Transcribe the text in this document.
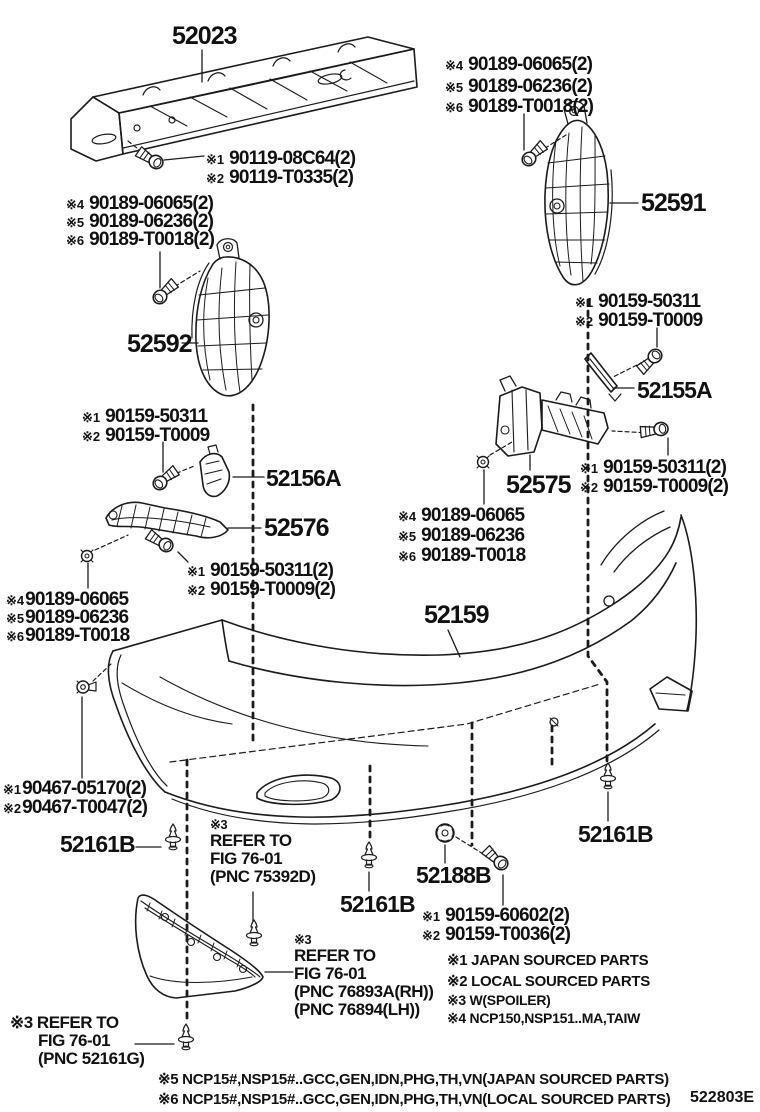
52023
52591
52592
52155A
52156A	52575
52576
52159
52161B
52161B
52161B
52188B
※1 90119-08C64(2)
※2 90119-T0335(2)
※4 90189-06065(2)
※5 90189-06236(2)
※6 90189-T0018(2)
※4 90189-06065(2)
※5 90189-06236(2)
※6 90189-T0018(2)
※1 90159-50311
※2 90159-T0009
※1 90159-50311
※2 90159-T0009
※1 90159-50311(2)
※2 90159-T0009(2)
※1 90159-50311(2)
※2 90159-T0009(2)
※4 90189-06065
※5 90189-06236
※6 90189-T0018
※4 90189-06065
※5 90189-06236
※6 90189-T0018
※1 90467-05170(2)
※2 90467-T0047(2)
※1 90159-60602(2)
※2 90159-T0036(2)
※3
REFER TO
FIG 76-01
(PNC 75392D)
※3
REFER TO
FIG 76-01
(PNC 76893A(RH))
(PNC 76894(LH))
※3 REFER TO
FIG 76-01
(PNC 52161G)
※1 JAPAN SOURCED PARTS
※2 LOCAL SOURCED PARTS
※3 W(SPOILER)
※4 NCP150,NSP151..MA,TAIW
※5 NCP15#,NSP15#..GCC,GEN,IDN,PHG,TH,VN(JAPAN SOURCED PARTS)
※6 NCP15#,NSP15#..GCC,GEN,IDN,PHG,TH,VN(LOCAL SOURCED PARTS) 522803E
